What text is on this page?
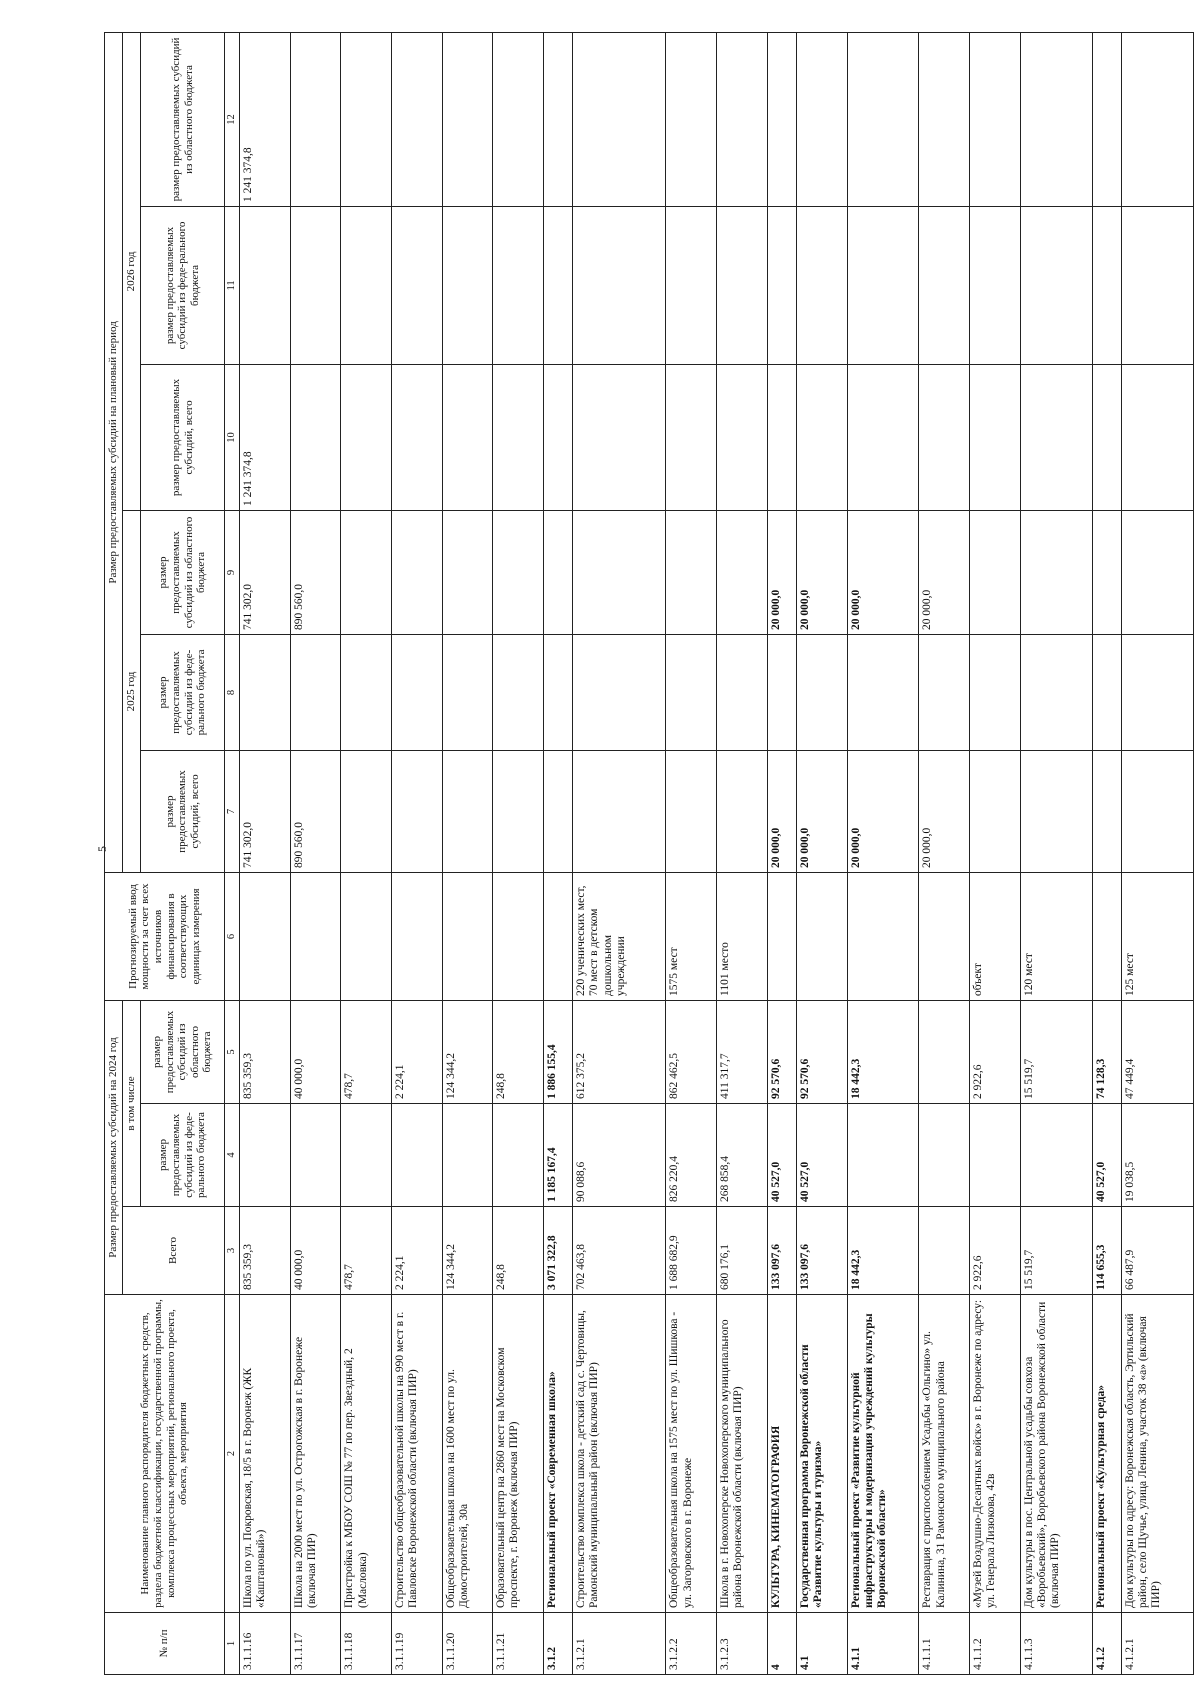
5
№ п/п	Наименование главного распорядителя бюджетных средств, раздела бюджетной классификации, государственной программы, комплекса процессных мероприятий, регионального проекта, объекта, мероприятия	Размер предоставляемых субсидий на 2024 год			Прогнозируемый ввод мощности за счет всех источников финансирования в соответствующих единицах измерения	Размер предоставляемых субсидий на плановый период					
		Всего	в том числе			2025 год			2026 год		
			размер предоставляемых субсидий из феде-рального бюджета	размер предоставляемых субсидий из областного бюджета		размер предоставляемых субсидий, всего	размер предоставляемых субсидий из феде-рального бюджета	размер предоставляемых субсидий из областного бюджета	размер предоставляемых субсидий, всего	размер предоставляемых субсидий из феде-рального бюджета	размер предоставляемых субсидий из областного бюджета
1	2	3	4	5	6	7	8	9	10	11	12
3.1.1.16	Школа по ул. Покровская, 18/5 в г. Воронеж (ЖК «Каштановый»)	835 359,3		835 359,3		741 302,0		741 302,0	1 241 374,8		1 241 374,8
3.1.1.17	Школа на 2000 мест по ул. Острогожская в г. Воронеже (включая ПИР)	40 000,0		40 000,0		890 560,0		890 560,0			
3.1.1.18	Пристройка к МБОУ СОШ № 77 по пер. Звездный, 2 (Масловка)	478,7		478,7							
3.1.1.19	Строительство общеобразовательной школы на 990 мест в г. Павловске Воронежской области (включая ПИР)	2 224,1		2 224,1							
3.1.1.20	Общеобразовательная школа на 1600 мест по ул. Домостроителей, 30а	124 344,2		124 344,2							
3.1.1.21	Образовательный центр на 2860 мест на Московском проспекте, г. Воронеж (включая ПИР)	248,8		248,8							
3.1.2	Региональный проект «Современная школа»	3 071 322,8	1 185 167,4	1 886 155,4							
3.1.2.1	Строительство комплекса школа - детский сад с. Чертовицы, Рамонский муниципальный район (включая ПИР)	702 463,8	90 088,6	612 375,2	220 ученических мест, 70 мест в детском дошкольном учреждении						
3.1.2.2	Общеобразовательная школа на 1575 мест по ул. Шишкова - ул. Загоровского в г. Воронеже	1 688 682,9	826 220,4	862 462,5	1575 мест						
3.1.2.3	Школа в г. Новохоперске Новохоперского муниципального района Воронежской области (включая ПИР)	680 176,1	268 858,4	411 317,7	1101 место						
4	КУЛЬТУРА, КИНЕМАТОГРАФИЯ	133 097,6	40 527,0	92 570,6		20 000,0		20 000,0			
4.1	Государственная программа Воронежской области «Развитие культуры и туризма»	133 097,6	40 527,0	92 570,6		20 000,0		20 000,0			
4.1.1	Региональный проект «Развитие культурной инфраструктуры и модернизация учреждений культуры Воронежской области»	18 442,3		18 442,3		20 000,0		20 000,0			
4.1.1.1	Реставрация с приспособлением Усадьбы «Ольгино» ул. Калинина, 31 Рамонского муниципального района					20 000,0		20 000,0			
4.1.1.2	«Музей Воздушно-Десантных войск» в г. Воронеже по адресу: ул. Генерала Лизюкова, 42в	2 922,6		2 922,6	объект						
4.1.1.3	Дом культуры в пос. Центральной усадьбы совхоза «Воробьевский», Воробьевского района Воронежской области (включая ПИР)	15 519,7		15 519,7	120 мест						
4.1.2	Региональный проект «Культурная среда»	114 655,3	40 527,0	74 128,3							
4.1.2.1	Дом культуры по адресу: Воронежская область, Эртильский район, село Щучье, улица Ленина, участок 38 «а» (включая ПИР)	66 487,9	19 038,5	47 449,4	125 мест						
